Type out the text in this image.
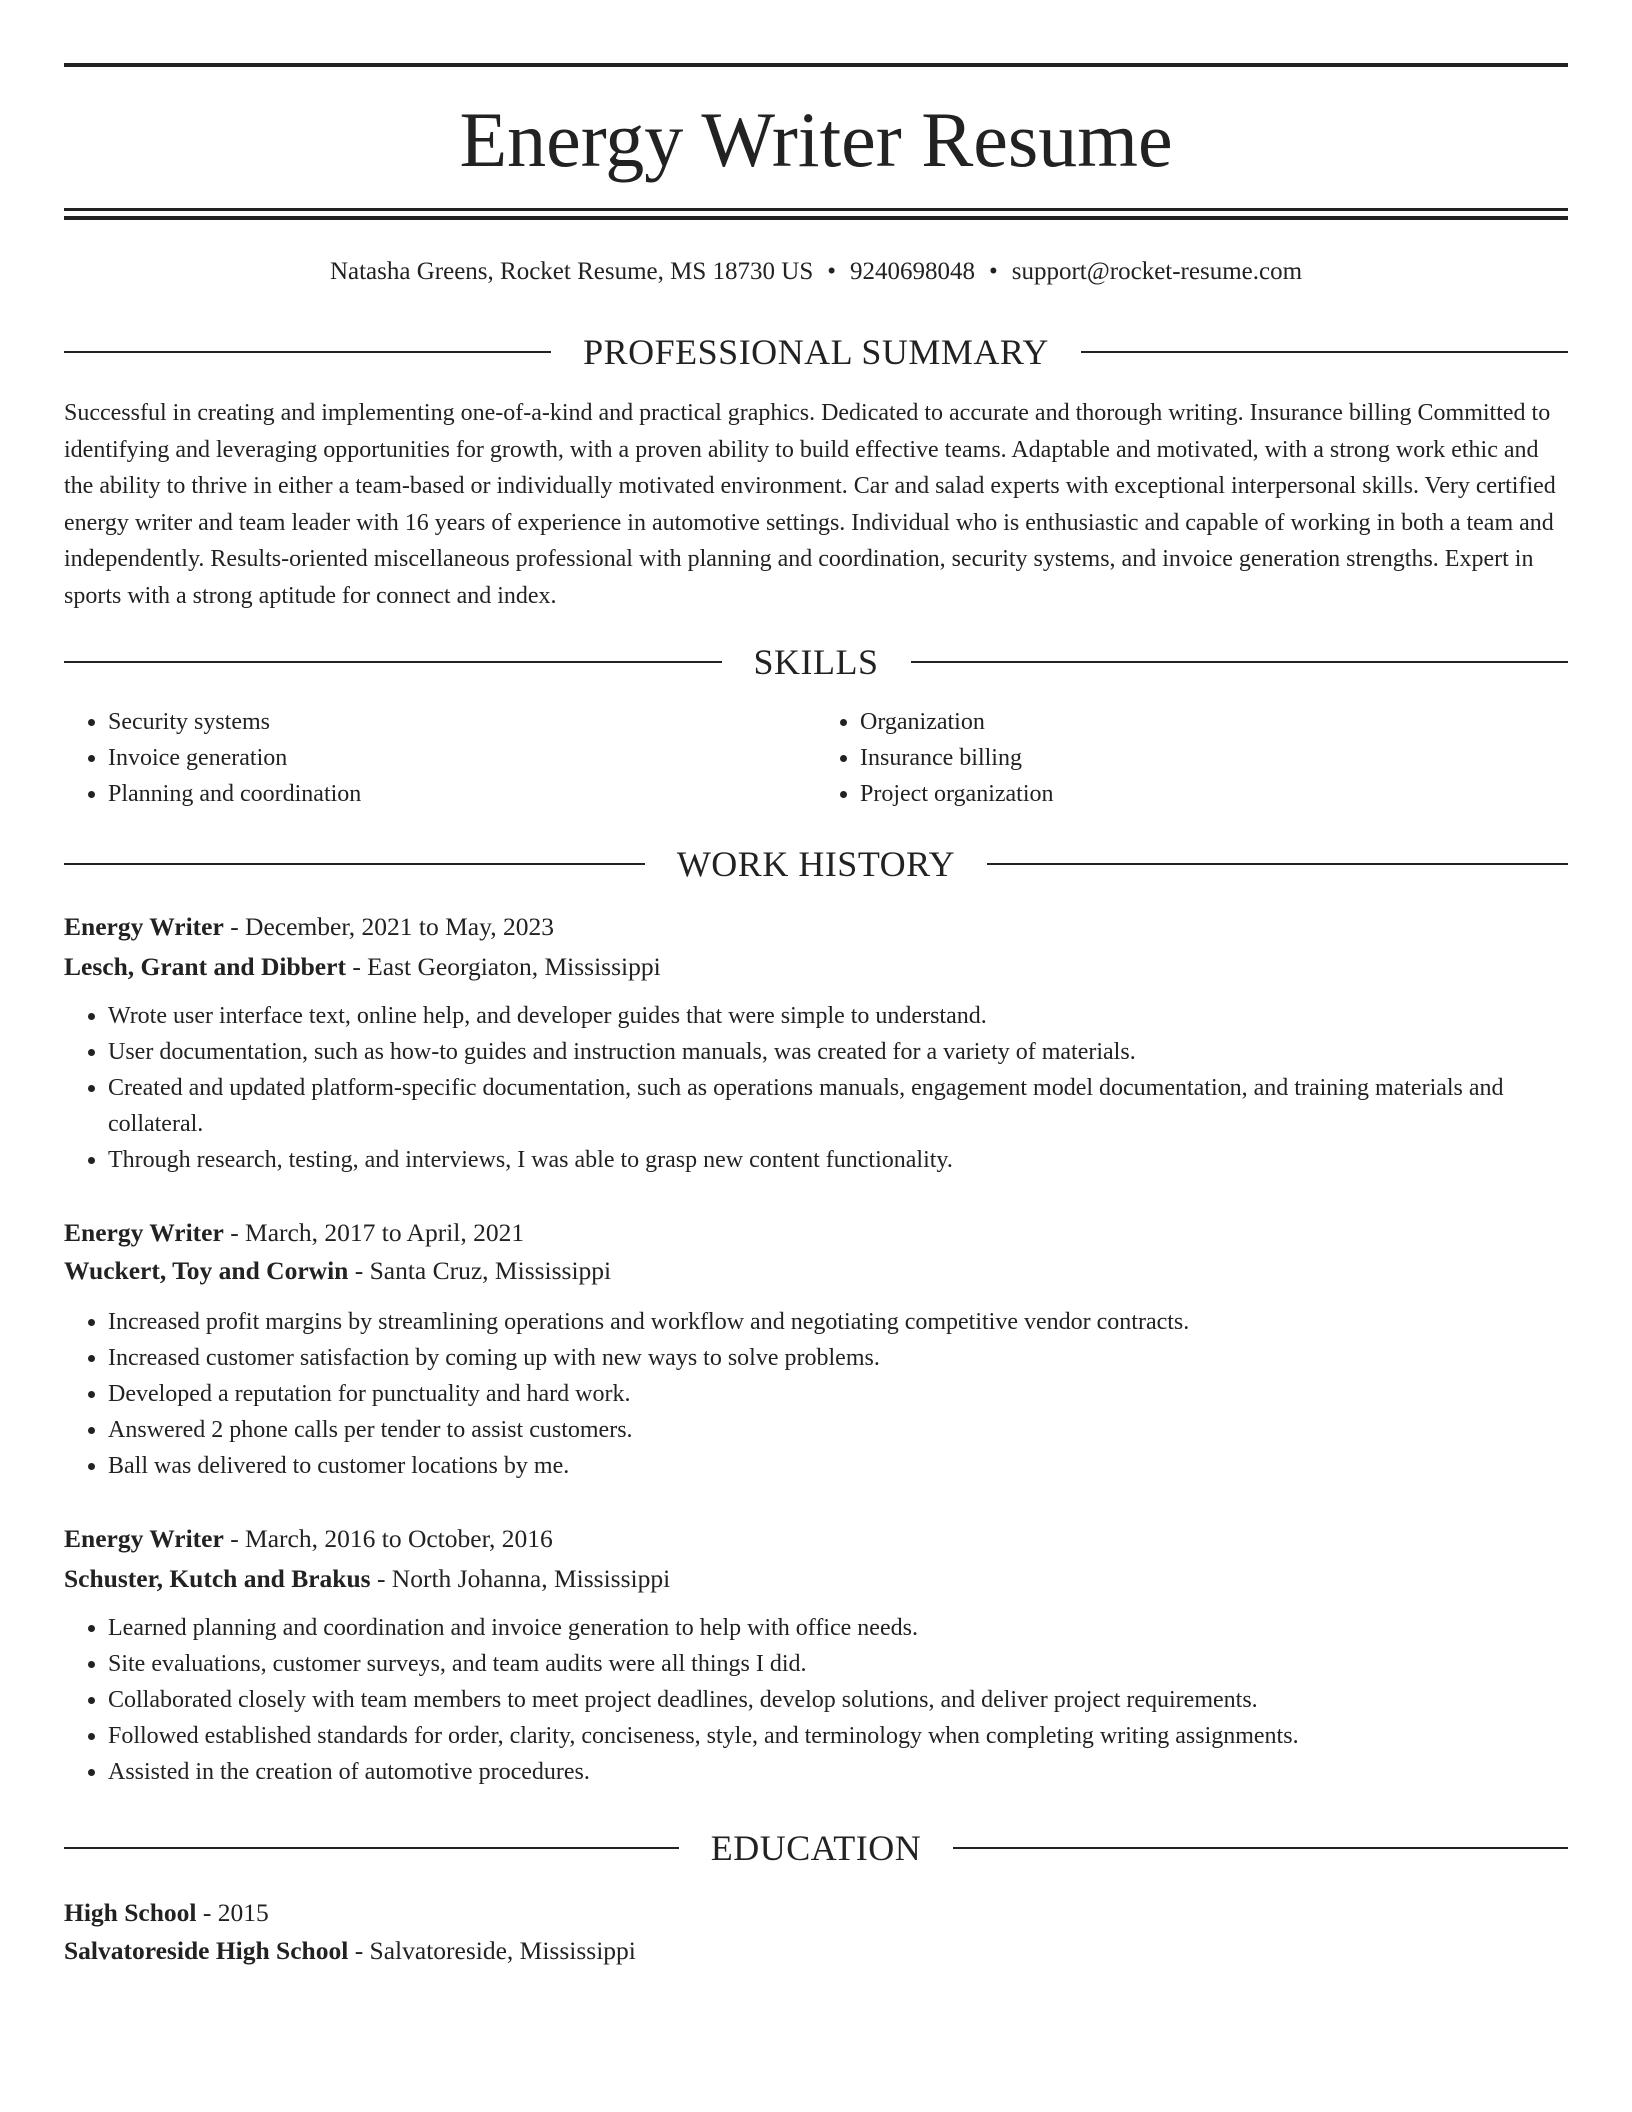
Energy Writer Resume
Natasha Greens, Rocket Resume, MS 18730 US • 9240698048 • support@rocket-resume.com
PROFESSIONAL SUMMARY
Successful in creating and implementing one-of-a-kind and practical graphics. Dedicated to accurate and thorough writing. Insurance billing Committed to identifying and leveraging opportunities for growth, with a proven ability to build effective teams. Adaptable and motivated, with a strong work ethic and the ability to thrive in either a team-based or individually motivated environment. Car and salad experts with exceptional interpersonal skills. Very certified energy writer and team leader with 16 years of experience in automotive settings. Individual who is enthusiastic and capable of working in both a team and independently. Results-oriented miscellaneous professional with planning and coordination, security systems, and invoice generation strengths. Expert in sports with a strong aptitude for connect and index.
SKILLS
• Security systems
• Invoice generation
• Planning and coordination
• Organization
• Insurance billing
• Project organization
WORK HISTORY
Energy Writer - December, 2021 to May, 2023
Lesch, Grant and Dibbert - East Georgiaton, Mississippi
• Wrote user interface text, online help, and developer guides that were simple to understand.
• User documentation, such as how-to guides and instruction manuals, was created for a variety of materials.
• Created and updated platform-specific documentation, such as operations manuals, engagement model documentation, and training materials and collateral.
• Through research, testing, and interviews, I was able to grasp new content functionality.
Energy Writer - March, 2017 to April, 2021
Wuckert, Toy and Corwin - Santa Cruz, Mississippi
• Increased profit margins by streamlining operations and workflow and negotiating competitive vendor contracts.
• Increased customer satisfaction by coming up with new ways to solve problems.
• Developed a reputation for punctuality and hard work.
• Answered 2 phone calls per tender to assist customers.
• Ball was delivered to customer locations by me.
Energy Writer - March, 2016 to October, 2016
Schuster, Kutch and Brakus - North Johanna, Mississippi
• Learned planning and coordination and invoice generation to help with office needs.
• Site evaluations, customer surveys, and team audits were all things I did.
• Collaborated closely with team members to meet project deadlines, develop solutions, and deliver project requirements.
• Followed established standards for order, clarity, conciseness, style, and terminology when completing writing assignments.
• Assisted in the creation of automotive procedures.
EDUCATION
High School - 2015
Salvatoreside High School - Salvatoreside, Mississippi
